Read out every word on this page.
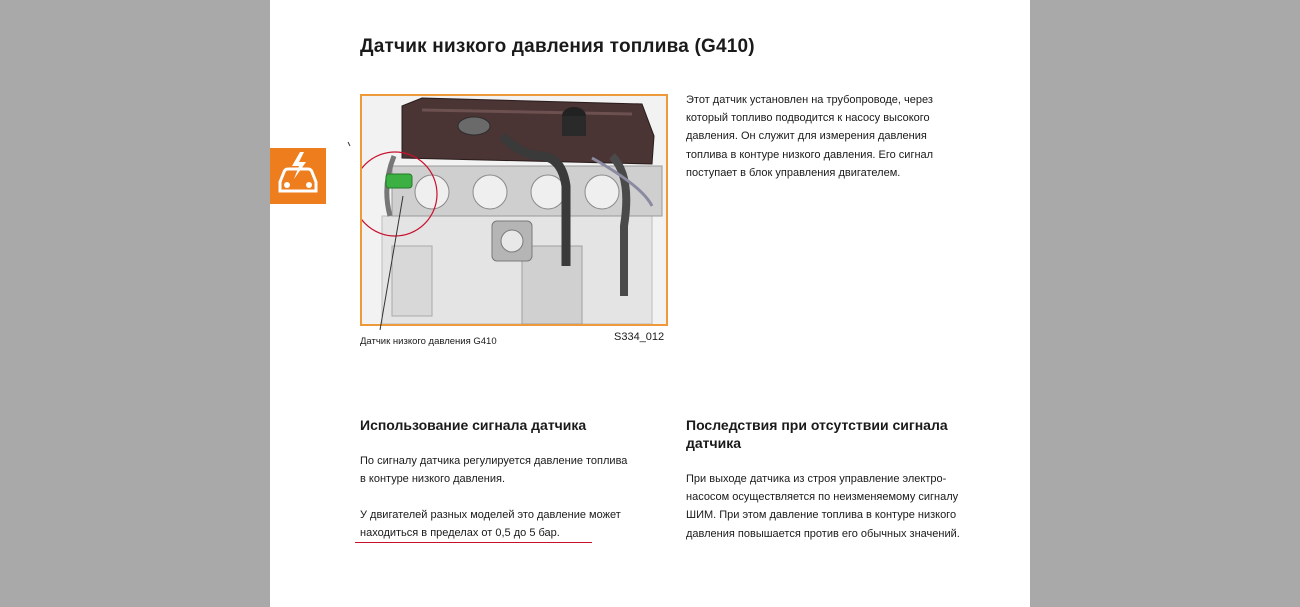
Датчик низкого давления топлива (G410)
Датчик низкого давления G410	S334_012
Этот датчик установлен на трубопроводе, через
который топливо подводится к насосу высокого
давления. Он служит для измерения давления
топлива в контуре низкого давления. Его сигнал
поступает в блок управления двигателем.
Использование сигнала датчика
По сигналу датчика регулируется давление топлива
в контуре низкого давления.
У двигателей разных моделей это давление может
находиться в пределах от 0,5 до 5 бар.
Последствия при отсутствии сигнала
датчика
При выходе датчика из строя управление электро-
насосом осуществляется по неизменяемому сигналу
ШИМ. При этом давление топлива в контуре низкого
давления повышается против его обычных значений.
